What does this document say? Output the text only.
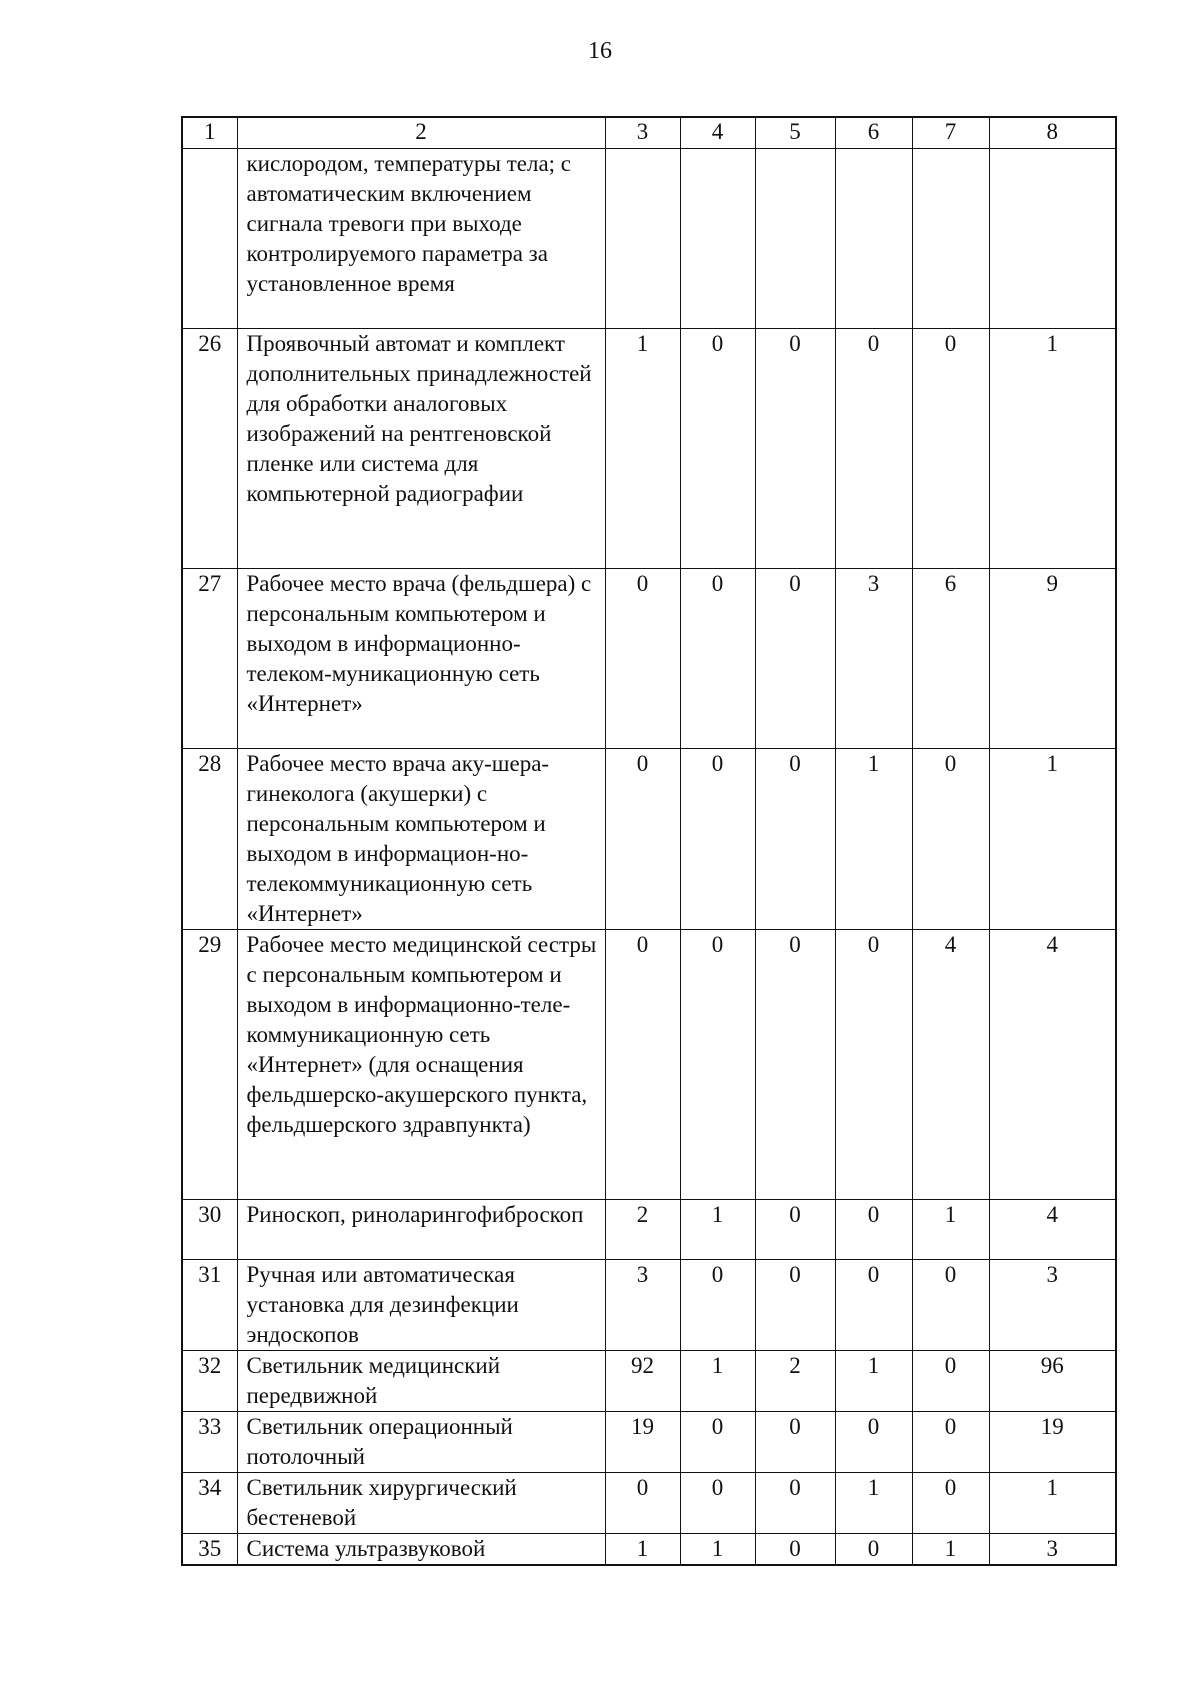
16
1	2	3	4	5	6	7	8
	кислородом, температуры тела; с автоматическим включением сигнала тревоги при выходе контролируемого параметра за установленное время						
26	Проявочный автомат и комплект дополнительных принадлежностей для обработки аналоговых изображений на рентгеновской пленке или система для компьютерной радиографии	1	0	0	0	0	1
27	Рабочее место врача (фельдшера) с персональным компьютером и выходом в информационно-телеком-муникационную сеть «Интернет»	0	0	0	3	6	9
28	Рабочее место врача аку-шера-гинеколога (акушерки) с персональным компьютером и выходом в информацион-но-телекоммуникационную сеть «Интернет»	0	0	0	1	0	1
29	Рабочее место медицинской сестры с персональным компьютером и выходом в информационно-теле-коммуникационную сеть «Интернет» (для оснащения фельдшерско-акушерского пункта, фельдшерского здравпункта)	0	0	0	0	4	4
30	Риноскоп, риноларингофиброскоп	2	1	0	0	1	4
31	Ручная или автоматическая установка для дезинфекции эндоскопов	3	0	0	0	0	3
32	Светильник медицинский передвижной	92	1	2	1	0	96
33	Светильник операционный потолочный	19	0	0	0	0	19
34	Светильник хирургический бестеневой	0	0	0	1	0	1
35	Система ультразвуковой	1	1	0	0	1	3
